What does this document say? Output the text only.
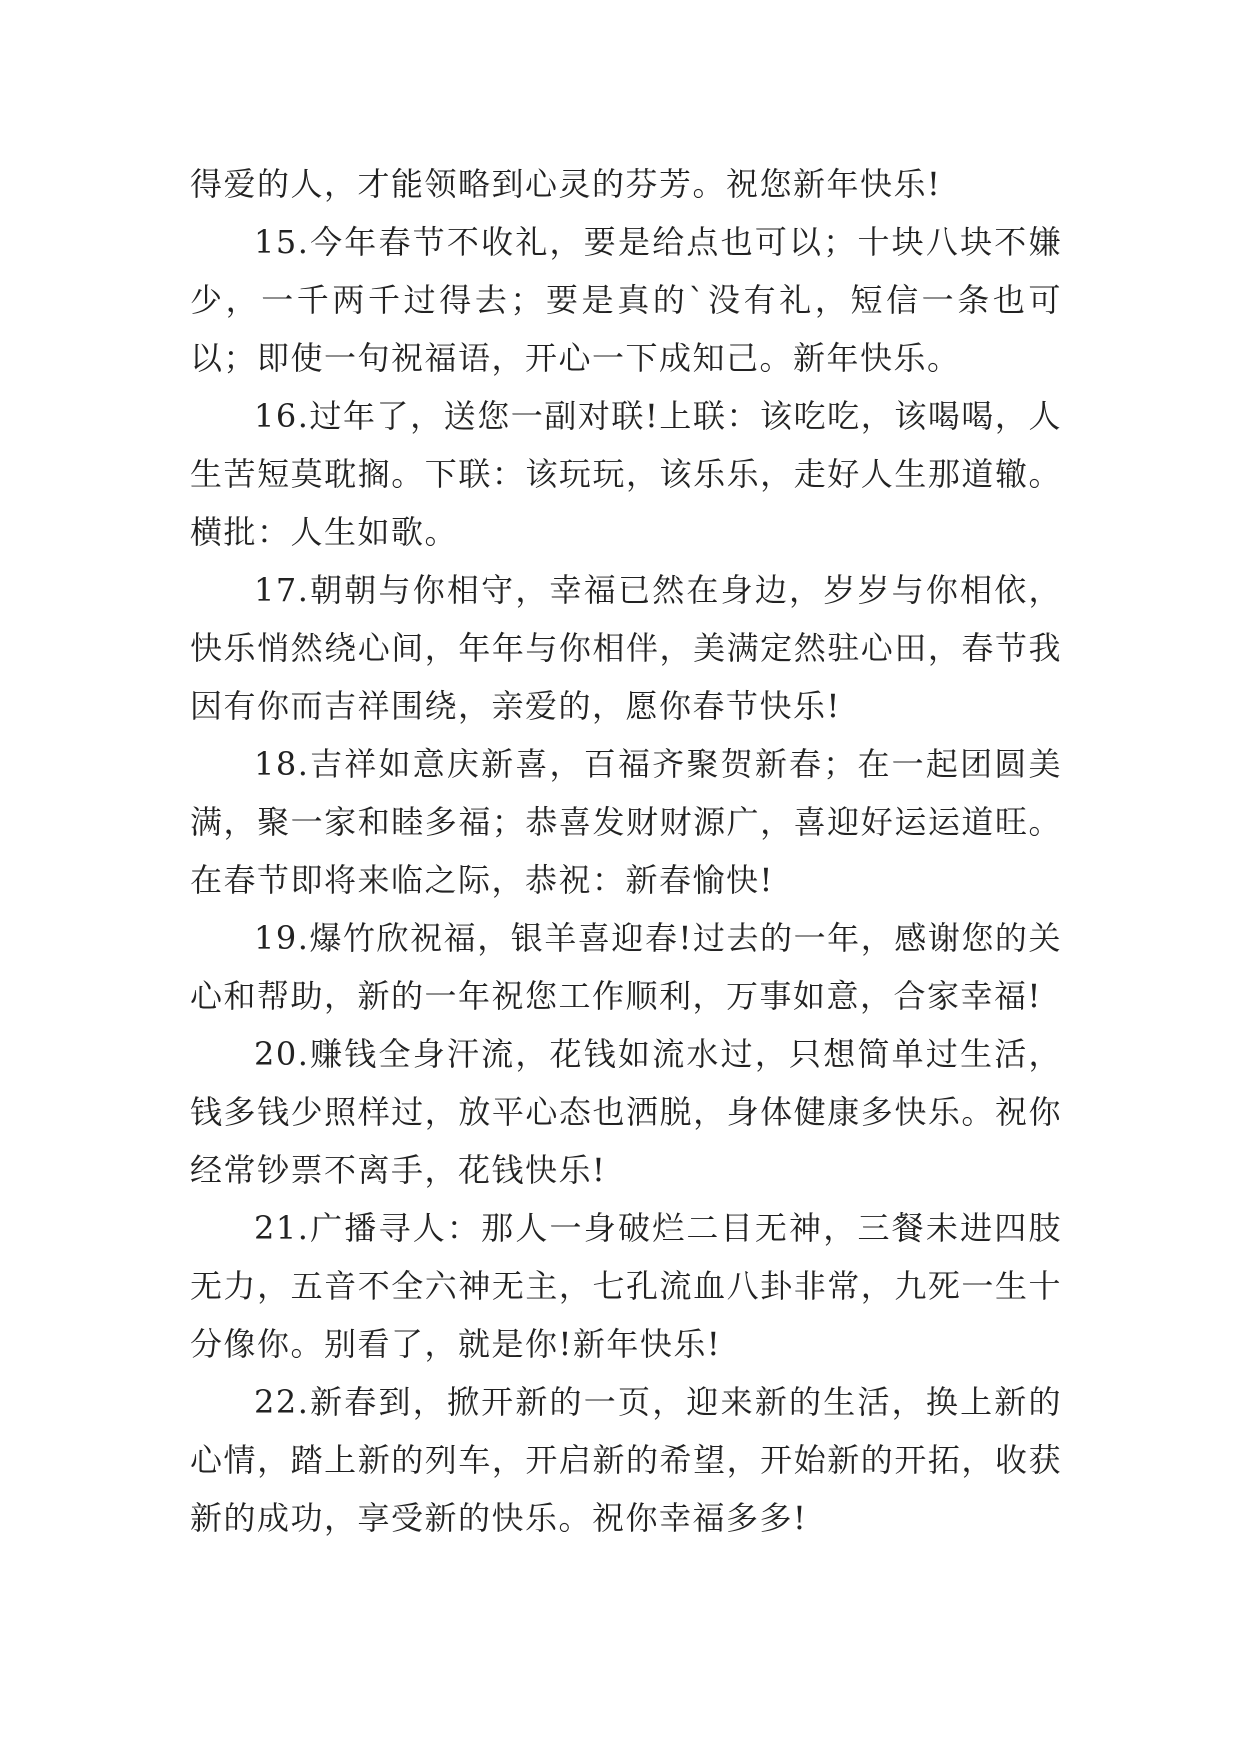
得爱的人，才能领略到心灵的芬芳。祝您新年快乐!

15.今年春节不收礼，要是给点也可以；十块八块不嫌少，一千两千过得去；要是真的`没有礼，短信一条也可以；即使一句祝福语，开心一下成知己。新年快乐。

16.过年了，送您一副对联!上联：该吃吃，该喝喝，人生苦短莫耽搁。下联：该玩玩，该乐乐，走好人生那道辙。横批：人生如歌。

17.朝朝与你相守，幸福已然在身边，岁岁与你相依，快乐悄然绕心间，年年与你相伴，美满定然驻心田，春节我因有你而吉祥围绕，亲爱的，愿你春节快乐!

18.吉祥如意庆新喜，百福齐聚贺新春；在一起团圆美满，聚一家和睦多福；恭喜发财财源广，喜迎好运运道旺。在春节即将来临之际，恭祝：新春愉快!

19.爆竹欣祝福，银羊喜迎春!过去的一年，感谢您的关心和帮助，新的一年祝您工作顺利，万事如意，合家幸福!

20.赚钱全身汗流，花钱如流水过，只想简单过生活，钱多钱少照样过，放平心态也洒脱，身体健康多快乐。祝你经常钞票不离手，花钱快乐!

21.广播寻人：那人一身破烂二目无神，三餐未进四肢无力，五音不全六神无主，七孔流血八卦非常，九死一生十分像你。别看了，就是你!新年快乐!

22.新春到，掀开新的一页，迎来新的生活，换上新的心情，踏上新的列车，开启新的希望，开始新的开拓，收获新的成功，享受新的快乐。祝你幸福多多!
